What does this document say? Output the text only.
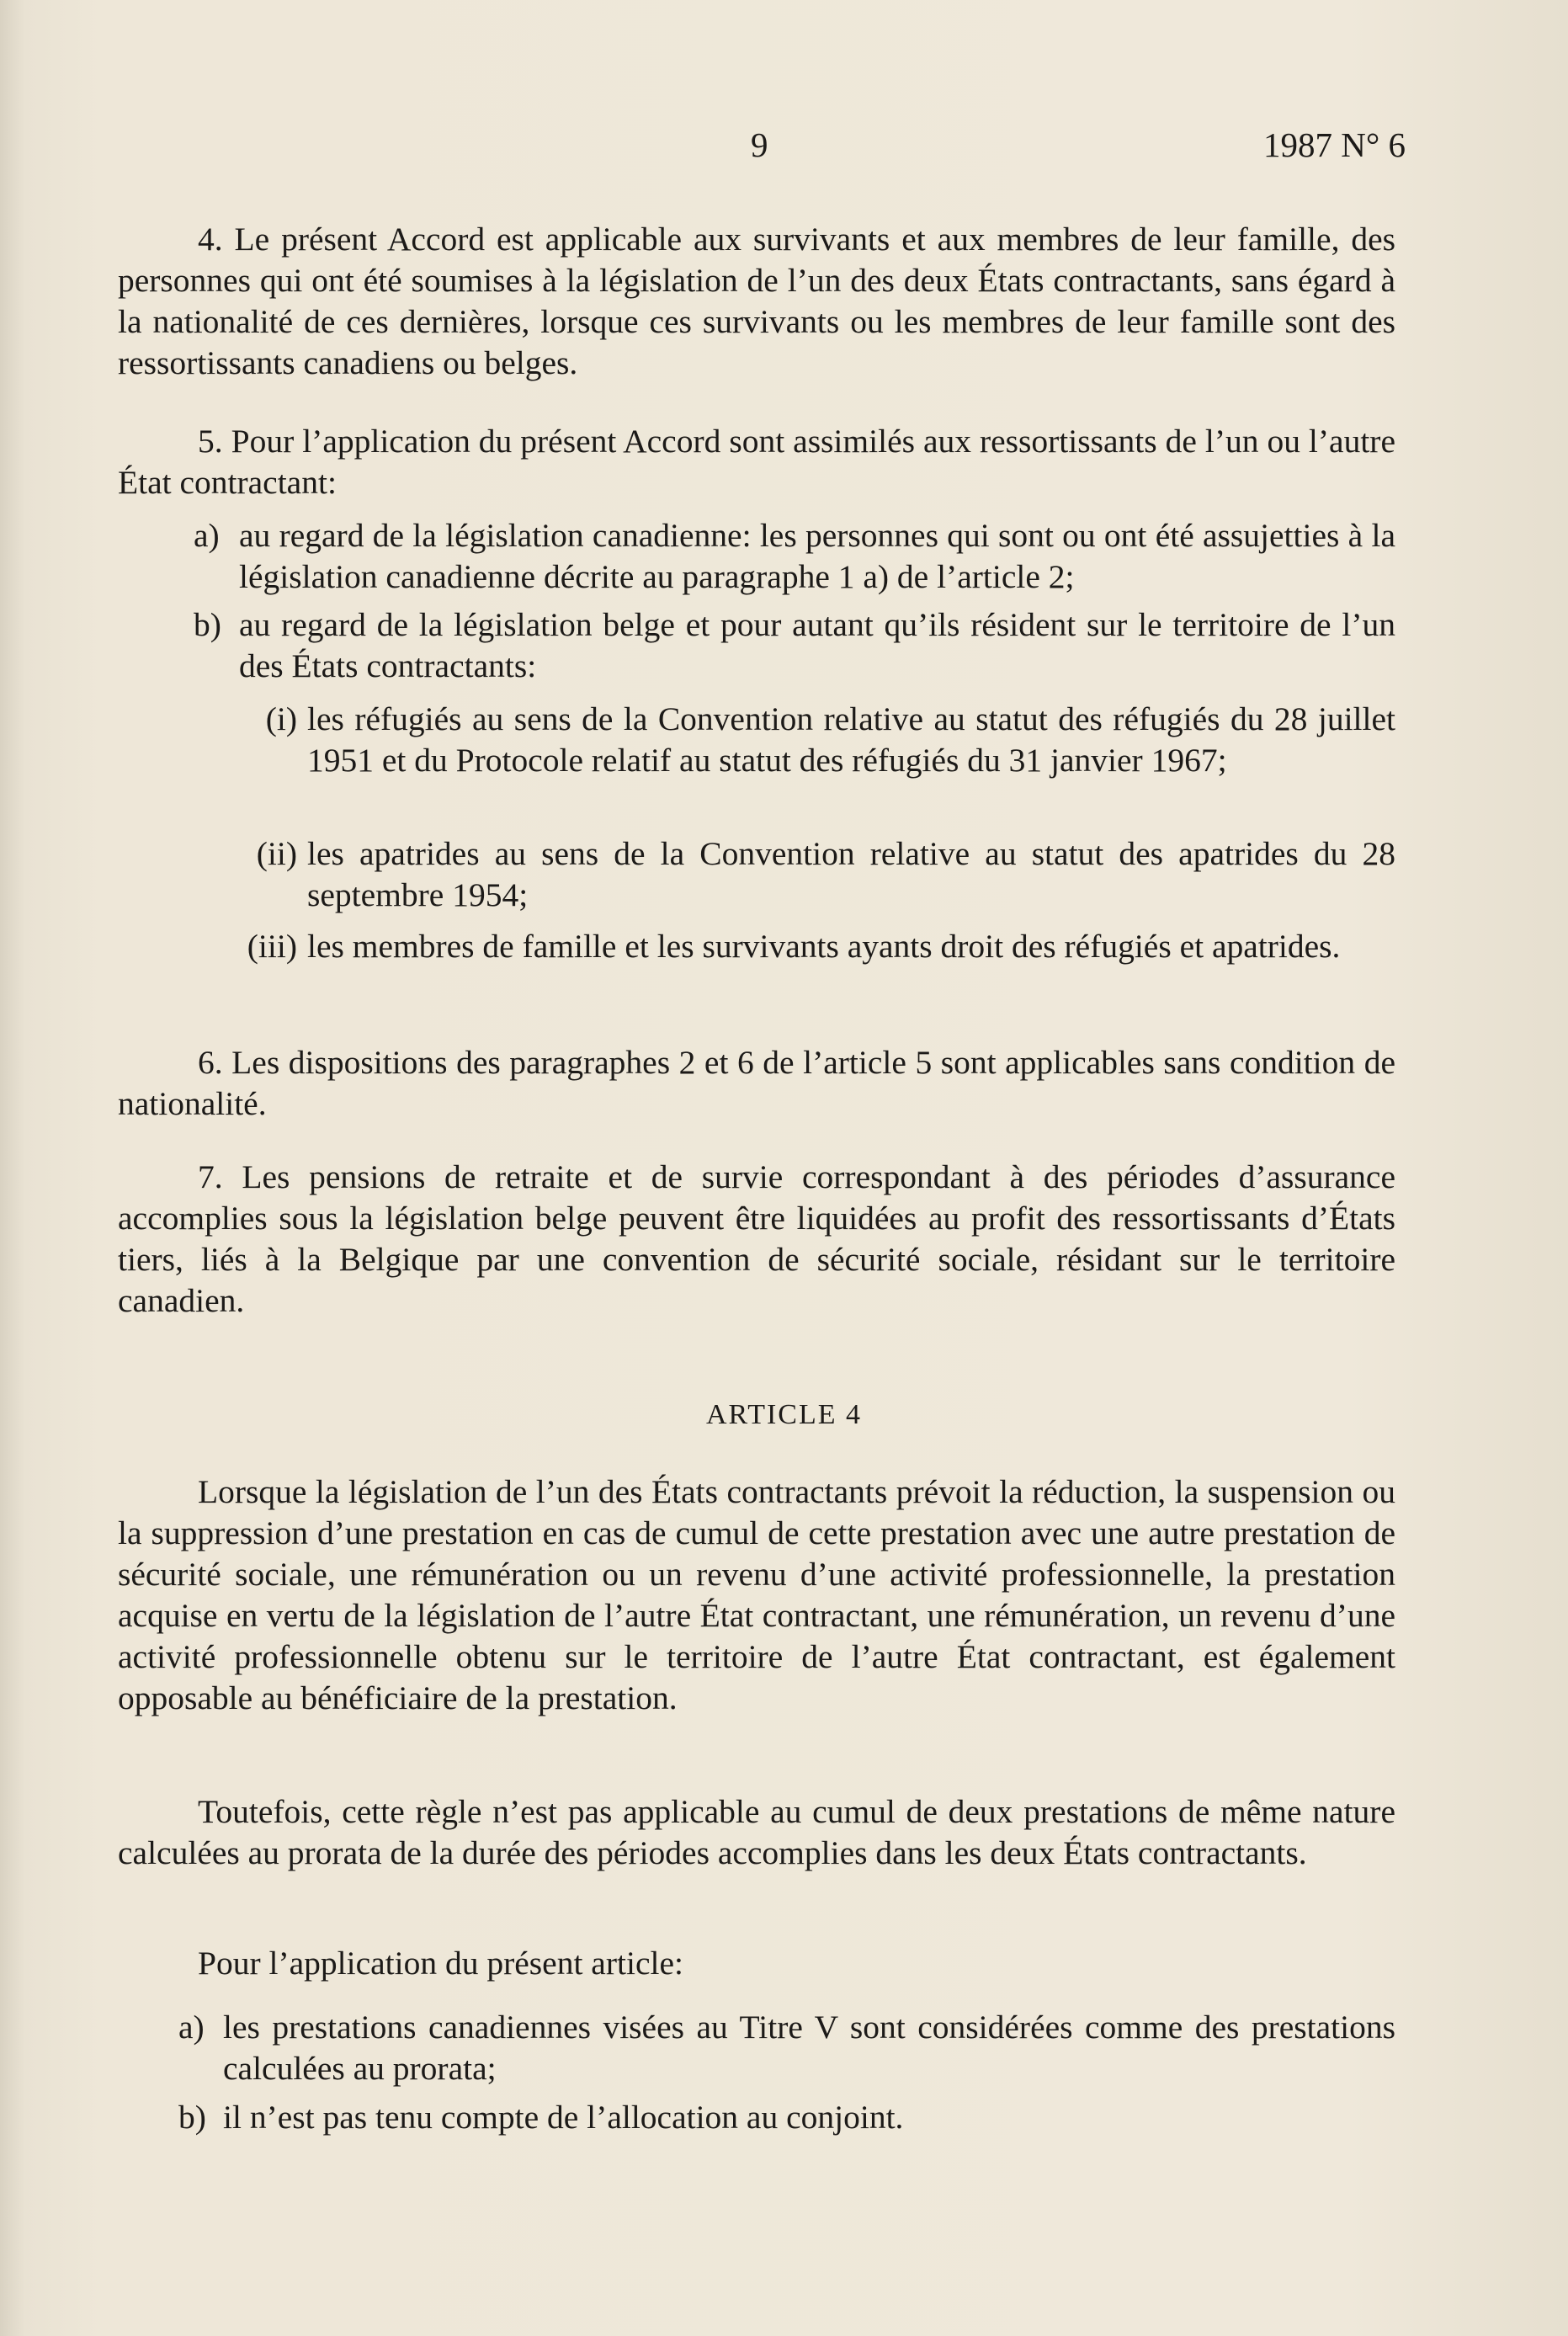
9	1987 N° 6

4. Le présent Accord est applicable aux survivants et aux membres de leur famille, des personnes qui ont été soumises à la législation de l’un des deux États contractants, sans égard à la nationalité de ces dernières, lorsque ces survivants ou les membres de leur famille sont des ressortissants canadiens ou belges.

5. Pour l’application du présent Accord sont assimilés aux ressortissants de l’un ou l’autre État contractant:

a) au regard de la législation canadienne: les personnes qui sont ou ont été assujetties à la législation canadienne décrite au paragraphe 1 a) de l’article 2;

b) au regard de la législation belge et pour autant qu’ils résident sur le territoire de l’un des États contractants:

(i) les réfugiés au sens de la Convention relative au statut des réfugiés du 28 juillet 1951 et du Protocole relatif au statut des réfugiés du 31 janvier 1967;

(ii) les apatrides au sens de la Convention relative au statut des apatrides du 28 septembre 1954;

(iii) les membres de famille et les survivants ayants droit des réfugiés et apatrides.

6. Les dispositions des paragraphes 2 et 6 de l’article 5 sont applicables sans condition de nationalité.

7. Les pensions de retraite et de survie correspondant à des périodes d’assurance accomplies sous la législation belge peuvent être liquidées au profit des ressortissants d’États tiers, liés à la Belgique par une convention de sécurité sociale, résidant sur le territoire canadien.

ARTICLE 4

Lorsque la législation de l’un des États contractants prévoit la réduction, la suspension ou la suppression d’une prestation en cas de cumul de cette prestation avec une autre prestation de sécurité sociale, une rémunération ou un revenu d’une activité professionnelle, la prestation acquise en vertu de la législation de l’autre État contractant, une rémunération, un revenu d’une activité professionnelle obtenu sur le territoire de l’autre État contractant, est également opposable au bénéficiaire de la prestation.

Toutefois, cette règle n’est pas applicable au cumul de deux prestations de même nature calculées au prorata de la durée des périodes accomplies dans les deux États contractants.

Pour l’application du présent article:

a) les prestations canadiennes visées au Titre V sont considérées comme des prestations calculées au prorata;

b) il n’est pas tenu compte de l’allocation au conjoint.
